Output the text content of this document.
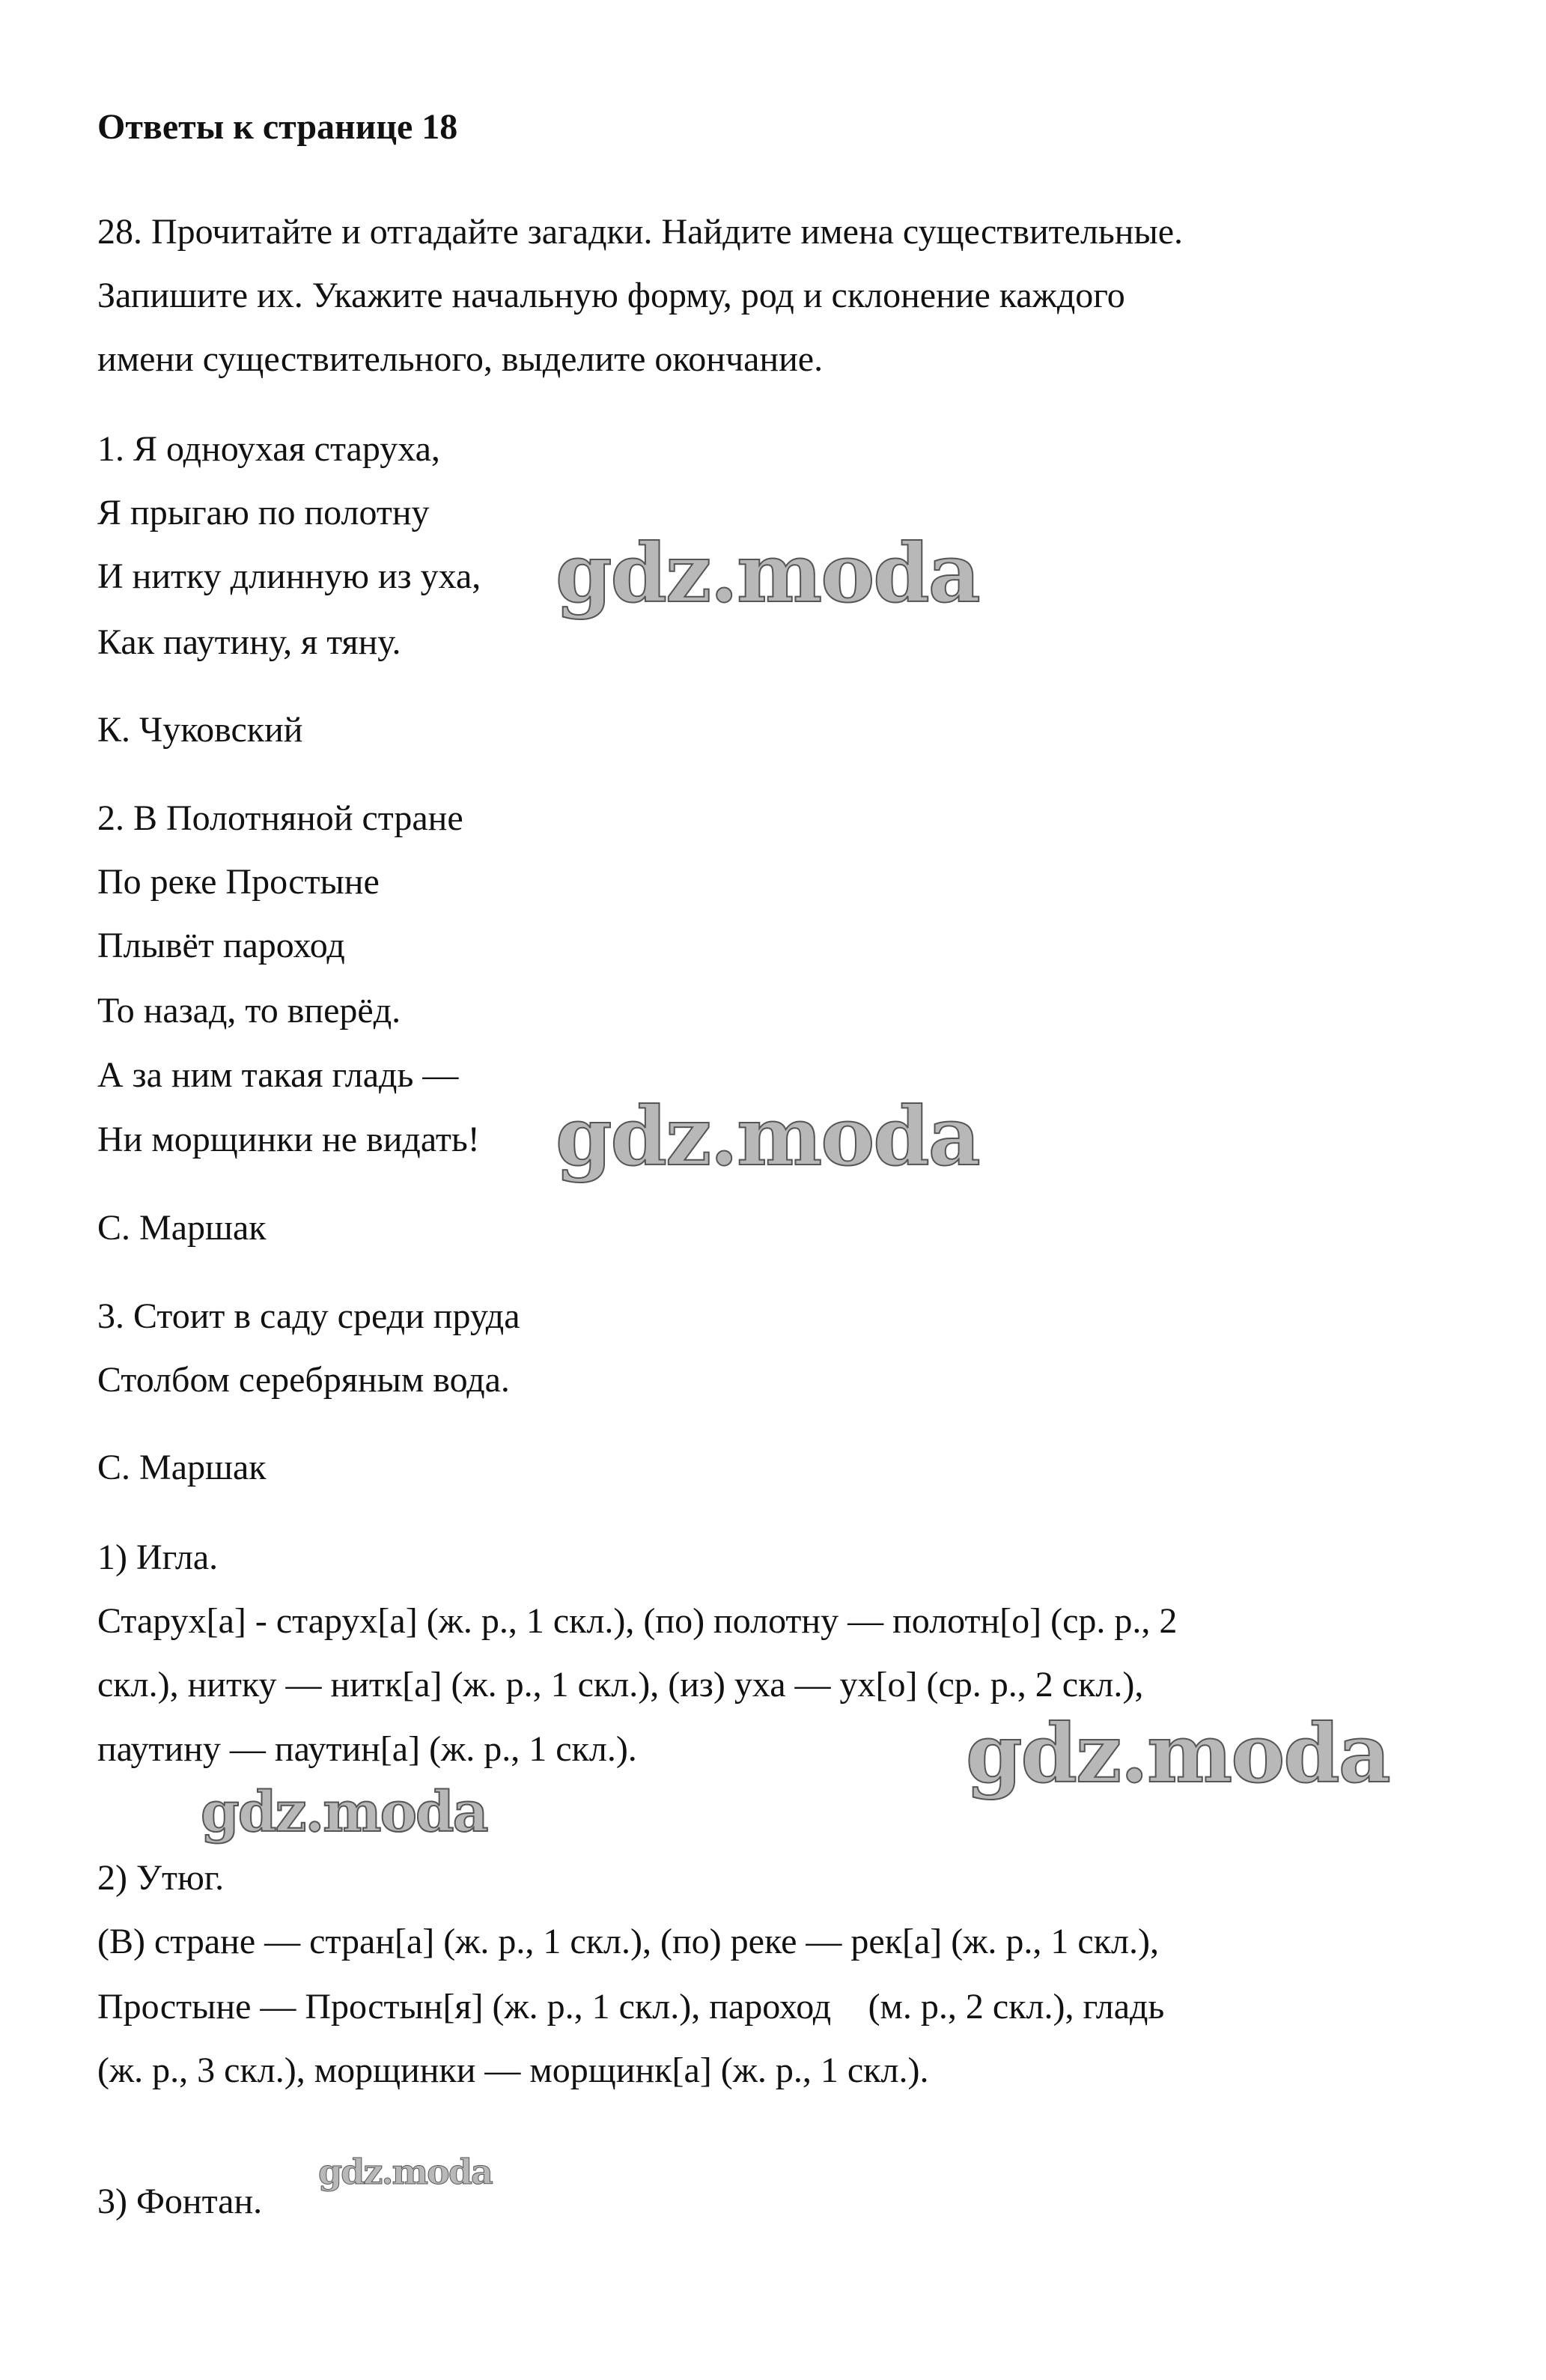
Ответы к странице 18
28. Прочитайте и отгадайте загадки. Найдите имена существительные.
Запишите их. Укажите начальную форму, род и склонение каждого
имени существительного, выделите окончание.
1. Я одноухая старуха,
Я прыгаю по полотну
И нитку длинную из уха,
Как паутину, я тяну.
К. Чуковский
2. В Полотняной стране
По реке Простыне
Плывёт пароход
То назад, то вперёд.
А за ним такая гладь —
Ни морщинки не видать!
С. Маршак
3. Стоит в саду среди пруда
Столбом серебряным вода.
С. Маршак
1) Игла.
Старух[а] - старух[а] (ж. р., 1 скл.), (по) полотну — полотн[о] (ср. р., 2
скл.), нитку — нитк[а] (ж. р., 1 скл.), (из) уха — ух[о] (ср. р., 2 скл.),
паутину — паутин[а] (ж. р., 1 скл.).
2) Утюг.
(В) стране — стран[а] (ж. р., 1 скл.), (по) реке — рек[а] (ж. р., 1 скл.),
Простыне — Простын[я] (ж. р., 1 скл.), пароход⃞ (м. р., 2 скл.), гладь
(ж. р., 3 скл.), морщинки — морщинк[а] (ж. р., 1 скл.).
3) Фонтан.
gdz.moda
gdz.moda
gdz.moda
gdz.moda
gdz.moda
